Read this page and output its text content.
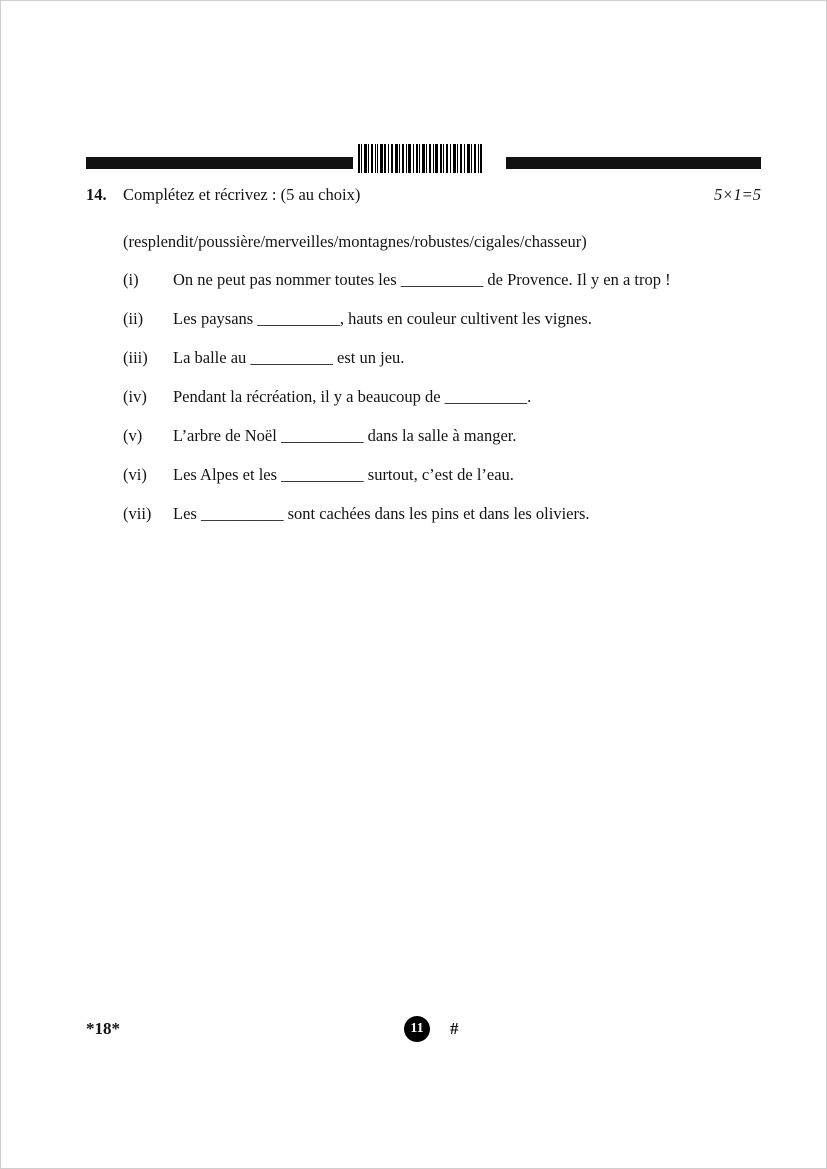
14. Complétez et récrivez : (5 au choix)	5×1=5
(resplendit/poussière/merveilles/montagnes/robustes/cigales/chasseur)
(i)	On ne peut pas nommer toutes les __________ de Provence. Il y en a trop !
(ii)	Les paysans __________, hauts en couleur cultivent les vignes.
(iii)	La balle au __________ est un jeu.
(iv)	Pendant la récréation, il y a beaucoup de __________.
(v)	L’arbre de Noël __________ dans la salle à manger.
(vi)	Les Alpes et les __________ surtout, c’est de l’eau.
(vii)	Les __________ sont cachées dans les pins et dans les oliviers.
*18*	11 #
